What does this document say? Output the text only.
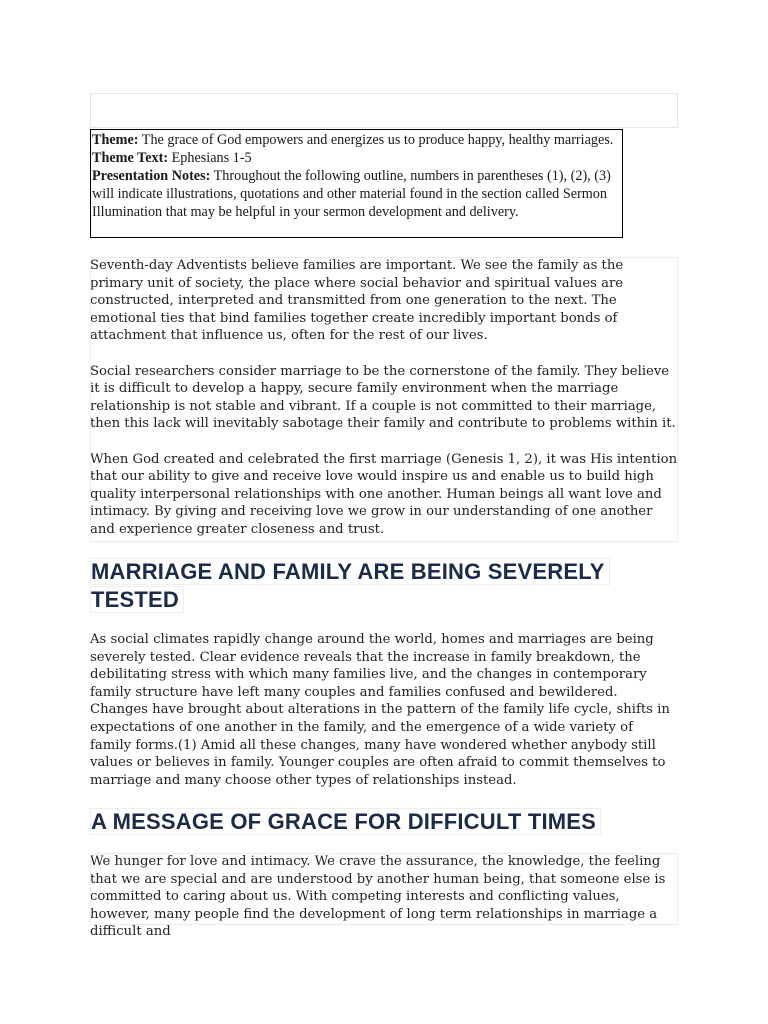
Theme: The grace of God empowers and energizes us to produce happy, healthy marriages.

Theme Text: Ephesians 1-5

Presentation Notes: Throughout the following outline, numbers in parentheses (1), (2), (3) will indicate illustrations, quotations and other material found in the section called Sermon Illumination that may be helpful in your sermon development and delivery.

Seventh-day Adventists believe families are important. We see the family as the primary unit of society, the place where social behavior and spiritual values are constructed, interpreted and transmitted from one generation to the next. The emotional ties that bind families together create incredibly important bonds of attachment that influence us, often for the rest of our lives.

Social researchers consider marriage to be the cornerstone of the family. They believe it is difficult to develop a happy, secure family environment when the marriage relationship is not stable and vibrant. If a couple is not committed to their marriage, then this lack will inevitably sabotage their family and contribute to problems within it.

When God created and celebrated the first marriage (Genesis 1, 2), it was His intention that our ability to give and receive love would inspire us and enable us to build high quality interpersonal relationships with one another. Human beings all want love and intimacy. By giving and receiving love we grow in our understanding of one another and experience greater closeness and trust.

MARRIAGE AND FAMILY ARE BEING SEVERELY
TESTED

As social climates rapidly change around the world, homes and marriages are being severely tested. Clear evidence reveals that the increase in family breakdown, the debilitating stress with which many families live, and the changes in contemporary family structure have left many couples and families confused and bewildered. Changes have brought about alterations in the pattern of the family life cycle, shifts in expectations of one another in the family, and the emergence of a wide variety of family forms.(1) Amid all these changes, many have wondered whether anybody still values or believes in family. Younger couples are often afraid to commit themselves to marriage and many choose other types of relationships instead.

A MESSAGE OF GRACE FOR DIFFICULT TIMES

We hunger for love and intimacy. We crave the assurance, the knowledge, the feeling that we are special and are understood by another human being, that someone else is committed to caring about us. With competing interests and conflicting values, however, many people find the development of long term relationships in marriage a difficult and
